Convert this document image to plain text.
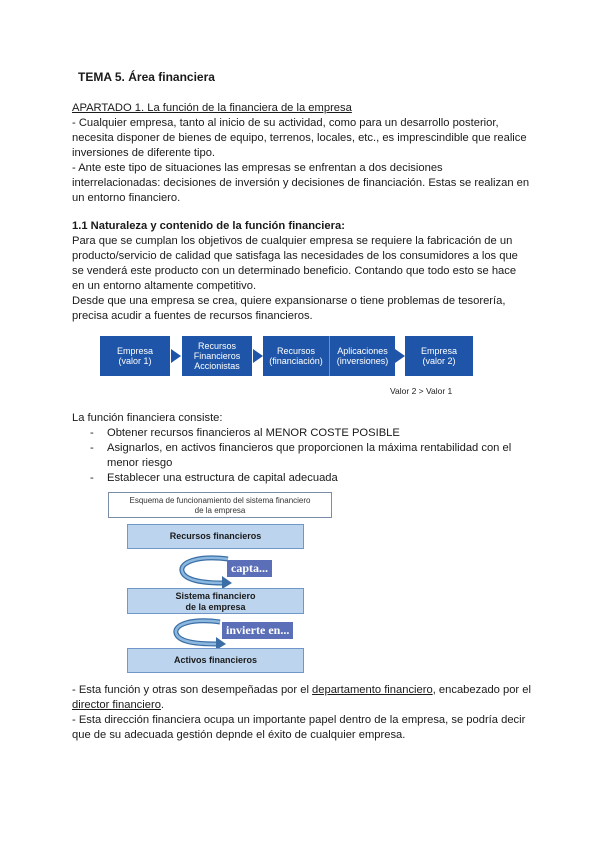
TEMA 5. Área financiera
APARTADO 1. La función de la financiera de la empresa

- Cualquier empresa, tanto al inicio de su actividad, como para un desarrollo posterior,

necesita disponer de bienes de equipo, terrenos, locales, etc., es imprescindible que realice

inversiones de diferente tipo.

- Ante este tipo de situaciones las empresas se enfrentan a dos decisiones

interrelacionadas: decisiones de inversión y decisiones de financiación. Estas se realizan en

un entorno financiero.

1.1 Naturaleza y contenido de la función financiera:

Para que se cumplan los objetivos de cualquier empresa se requiere la fabricación de un

producto/servicio de calidad que satisfaga las necesidades de los consumidores a los que

se venderá este producto con un determinado beneficio. Contando que todo esto se hace

en un entorno altamente competitivo.

Desde que una empresa se crea, quiere expansionarse o tiene problemas de tesorería,

precisa acudir a fuentes de recursos financieros.

Empresa
(valor 1)
Recursos
Financieros
Accionistas
Recursos
(financiación)
Aplicaciones
(inversiones)
Empresa
(valor 2)
Valor 2 > Valor 1
La función financiera consiste:
- Obtener recursos financieros al MENOR COSTE POSIBLE
- Asignarlos, en activos financieros que proporcionen la máxima rentabilidad con el
menor riesgo
- Establecer una estructura de capital adecuada
Esquema de funcionamiento del sistema financiero
de la empresa
Recursos financieros
capta...
Sistema financiero
de la empresa
invierte en...
Activos financieros

- Esta función y otras son desempeñadas por el departamento financiero, encabezado por el

director financiero.

- Esta dirección financiera ocupa un importante papel dentro de la empresa, se podría decir

que de su adecuada gestión depnde el éxito de cualquier empresa.
